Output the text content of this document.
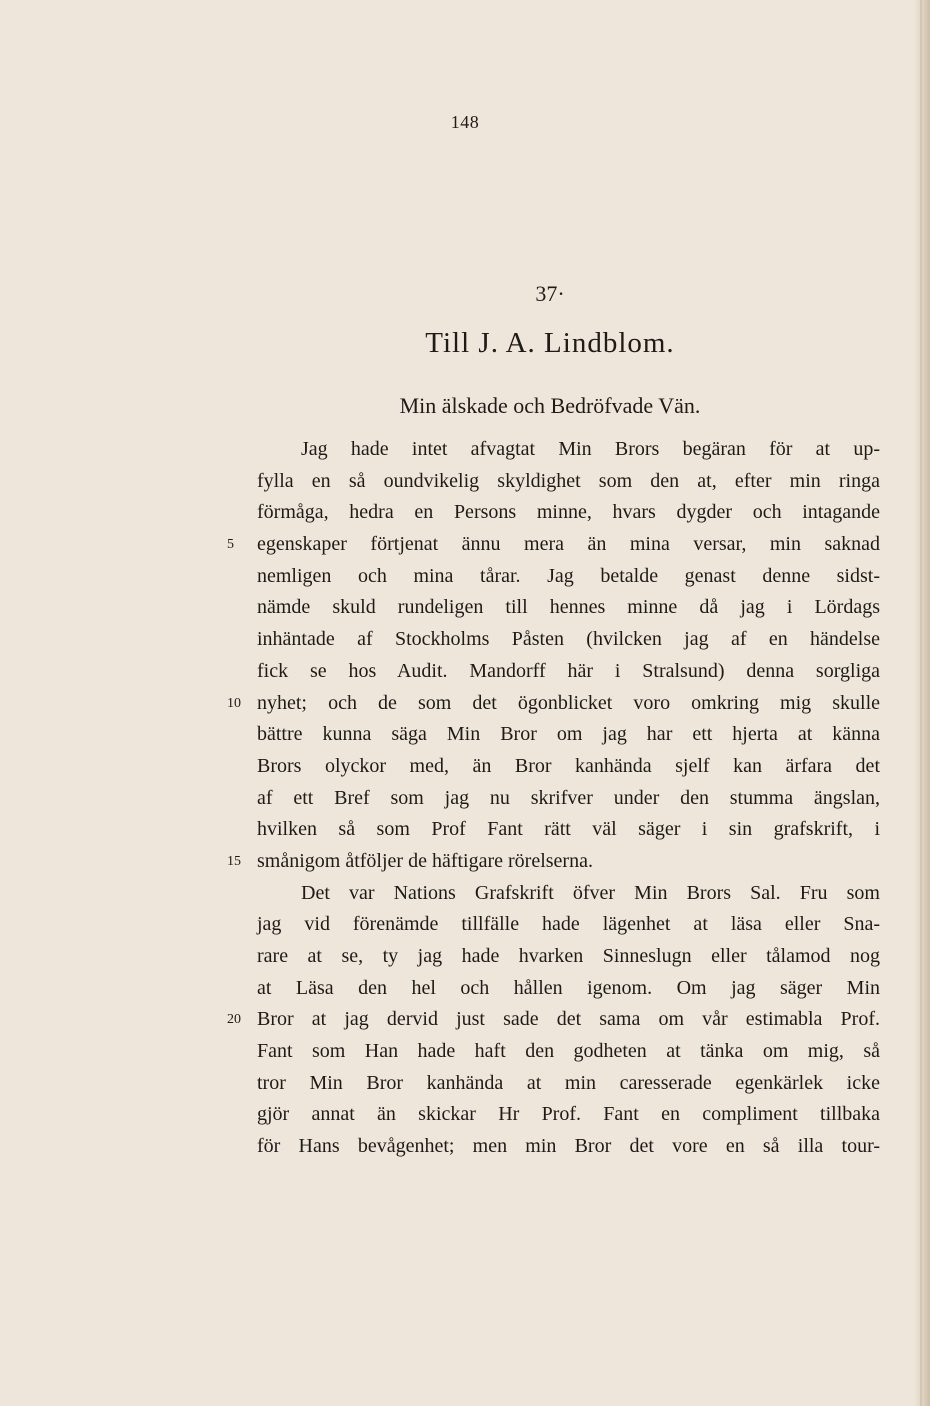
148
37·
Till J. A. Lindblom.
Min älskade och Bedröfvade Vän.
Jag hade intet afvagtat Min Brors begäran för at up-
fylla en så oundvikelig skyldighet som den at, efter min ringa
förmåga, hedra en Persons minne, hvars dygder och intagande
5	egenskaper förtjenat ännu mera än mina versar, min saknad
nemligen och mina tårar. Jag betalde genast denne sidst-
nämde skuld rundeligen till hennes minne då jag i Lördags
inhäntade af Stockholms Påsten (hvilcken jag af en händelse
fick se hos Audit. Mandorff här i Stralsund) denna sorgliga
10 nyhet; och de som det ögonblicket voro omkring mig skulle
bättre kunna säga Min Bror om jag har ett hjerta at känna
Brors olyckor med, än Bror kanhända sjelf kan ärfara det
af ett Bref som jag nu skrifver under den stumma ängslan,
hvilken så som Prof Fant rätt väl säger i sin grafskrift, i
15 smånigom åtföljer de häftigare rörelserna.
Det var Nations Grafskrift öfver Min Brors Sal. Fru som
jag vid förenämde tillfälle hade lägenhet at läsa eller Sna-
rare at se, ty jag hade hvarken Sinneslugn eller tålamod nog
at Läsa den hel och hållen igenom. Om jag säger Min
20 Bror at jag dervid just sade det sama om vår estimabla Prof.
Fant som Han hade haft den godheten at tänka om mig, så
tror Min Bror kanhända at min caresserade egenkärlek icke
gjör annat än skickar Hr Prof. Fant en compliment tillbaka
för Hans bevågenhet; men min Bror det vore en så illa tour-
